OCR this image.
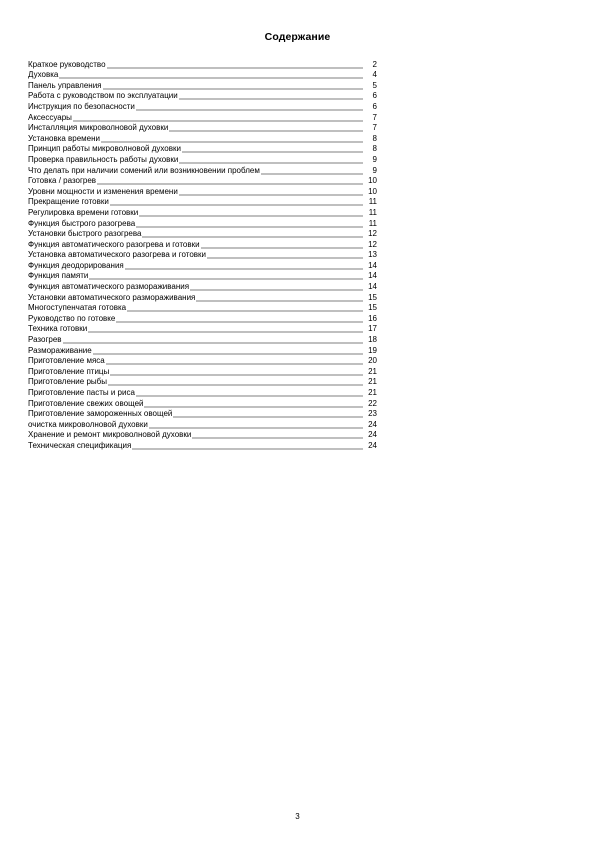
Содержание
Краткое руководство	2
Духовка	4
Панель управления	5
Работа с руководством по эксплуатации	6
Инструкция по безопасности	6
Аксессуары	7
Инсталляция микроволновой духовки	7
Установка времени	8
Принцип работы микроволновой духовки	8
Проверка правильность работы духовки	9
Что делать при наличии сомений или возникновении проблем	9
Готовка / разогрев	10
Уровни мощности и изменения времени	10
Прекращение готовки	11
Регулировка времени готовки	11
Функция быстрого разогрева	11
Установки быстрого разогрева	12
Функция автоматического разогрева и готовки	12
Установка автоматического разогрева и готовки	13
Функция деодорирования	14
Функция памяти	14
Функция автоматического размораживания	14
Установки автоматического размораживания	15
Многоступенчатая готовка	15
Руководство по готовке	16
Техника готовки	17
Разогрев	18
Размораживание	19
Приготовление мяса	20
Приготовление птицы	21
Приготовление рыбы	21
Приготовление пасты и риса	21
Приготовление свежих овощей	22
Приготовление замороженных овощей	23
очистка микроволновой духовки	24
Хранение и ремонт микроволновой духовки	24
Техническая спецификация	24
3
